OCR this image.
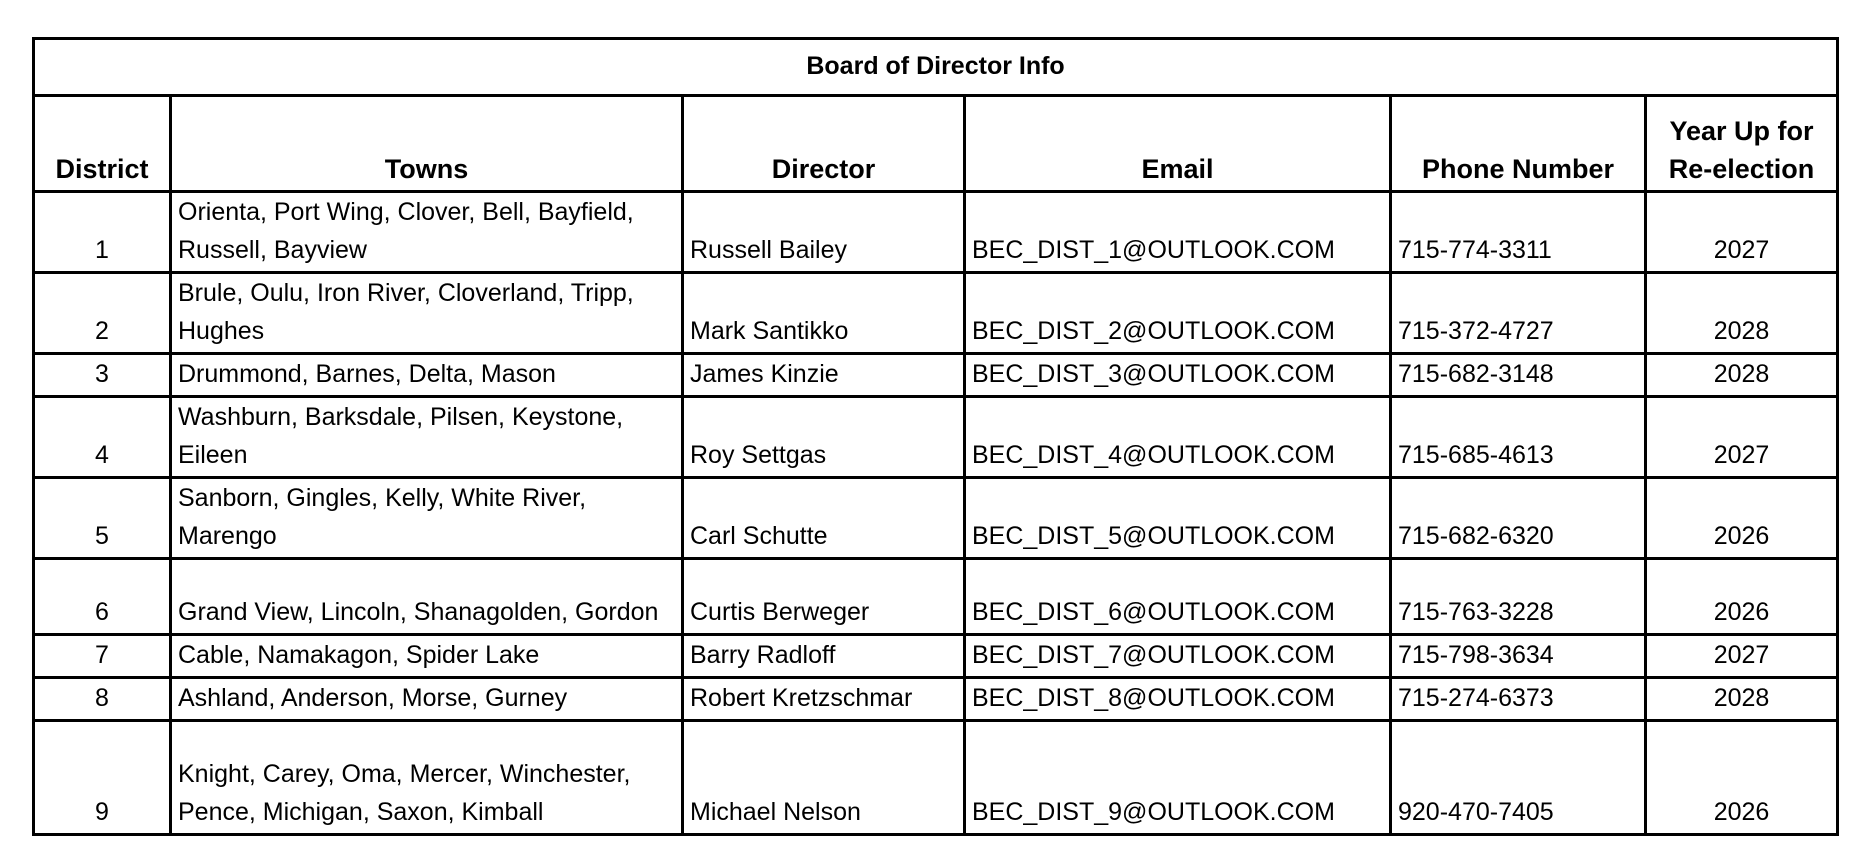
Board of Director Info					
District	Towns	Director	Email	Phone Number	Year Up for
Re-election
1	Orienta, Port Wing, Clover, Bell, Bayfield, Russell, Bayview	Russell Bailey	BEC_DIST_1@OUTLOOK.COM	715-774-3311	2027
2	Brule, Oulu, Iron River, Cloverland, Tripp, Hughes	Mark Santikko	BEC_DIST_2@OUTLOOK.COM	715-372-4727	2028
3	Drummond, Barnes, Delta, Mason	James Kinzie	BEC_DIST_3@OUTLOOK.COM	715-682-3148	2028
4	Washburn, Barksdale, Pilsen, Keystone, Eileen	Roy Settgas	BEC_DIST_4@OUTLOOK.COM	715-685-4613	2027
5	Sanborn, Gingles, Kelly, White River, Marengo	Carl Schutte	BEC_DIST_5@OUTLOOK.COM	715-682-6320	2026
6	Grand View, Lincoln, Shanagolden, Gordon	Curtis Berweger	BEC_DIST_6@OUTLOOK.COM	715-763-3228	2026
7	Cable, Namakagon, Spider Lake	Barry Radloff	BEC_DIST_7@OUTLOOK.COM	715-798-3634	2027
8	Ashland, Anderson, Morse, Gurney	Robert Kretzschmar	BEC_DIST_8@OUTLOOK.COM	715-274-6373	2028
9	Knight, Carey, Oma, Mercer, Winchester, Pence, Michigan, Saxon, Kimball	Michael Nelson	BEC_DIST_9@OUTLOOK.COM	920-470-7405	2026
